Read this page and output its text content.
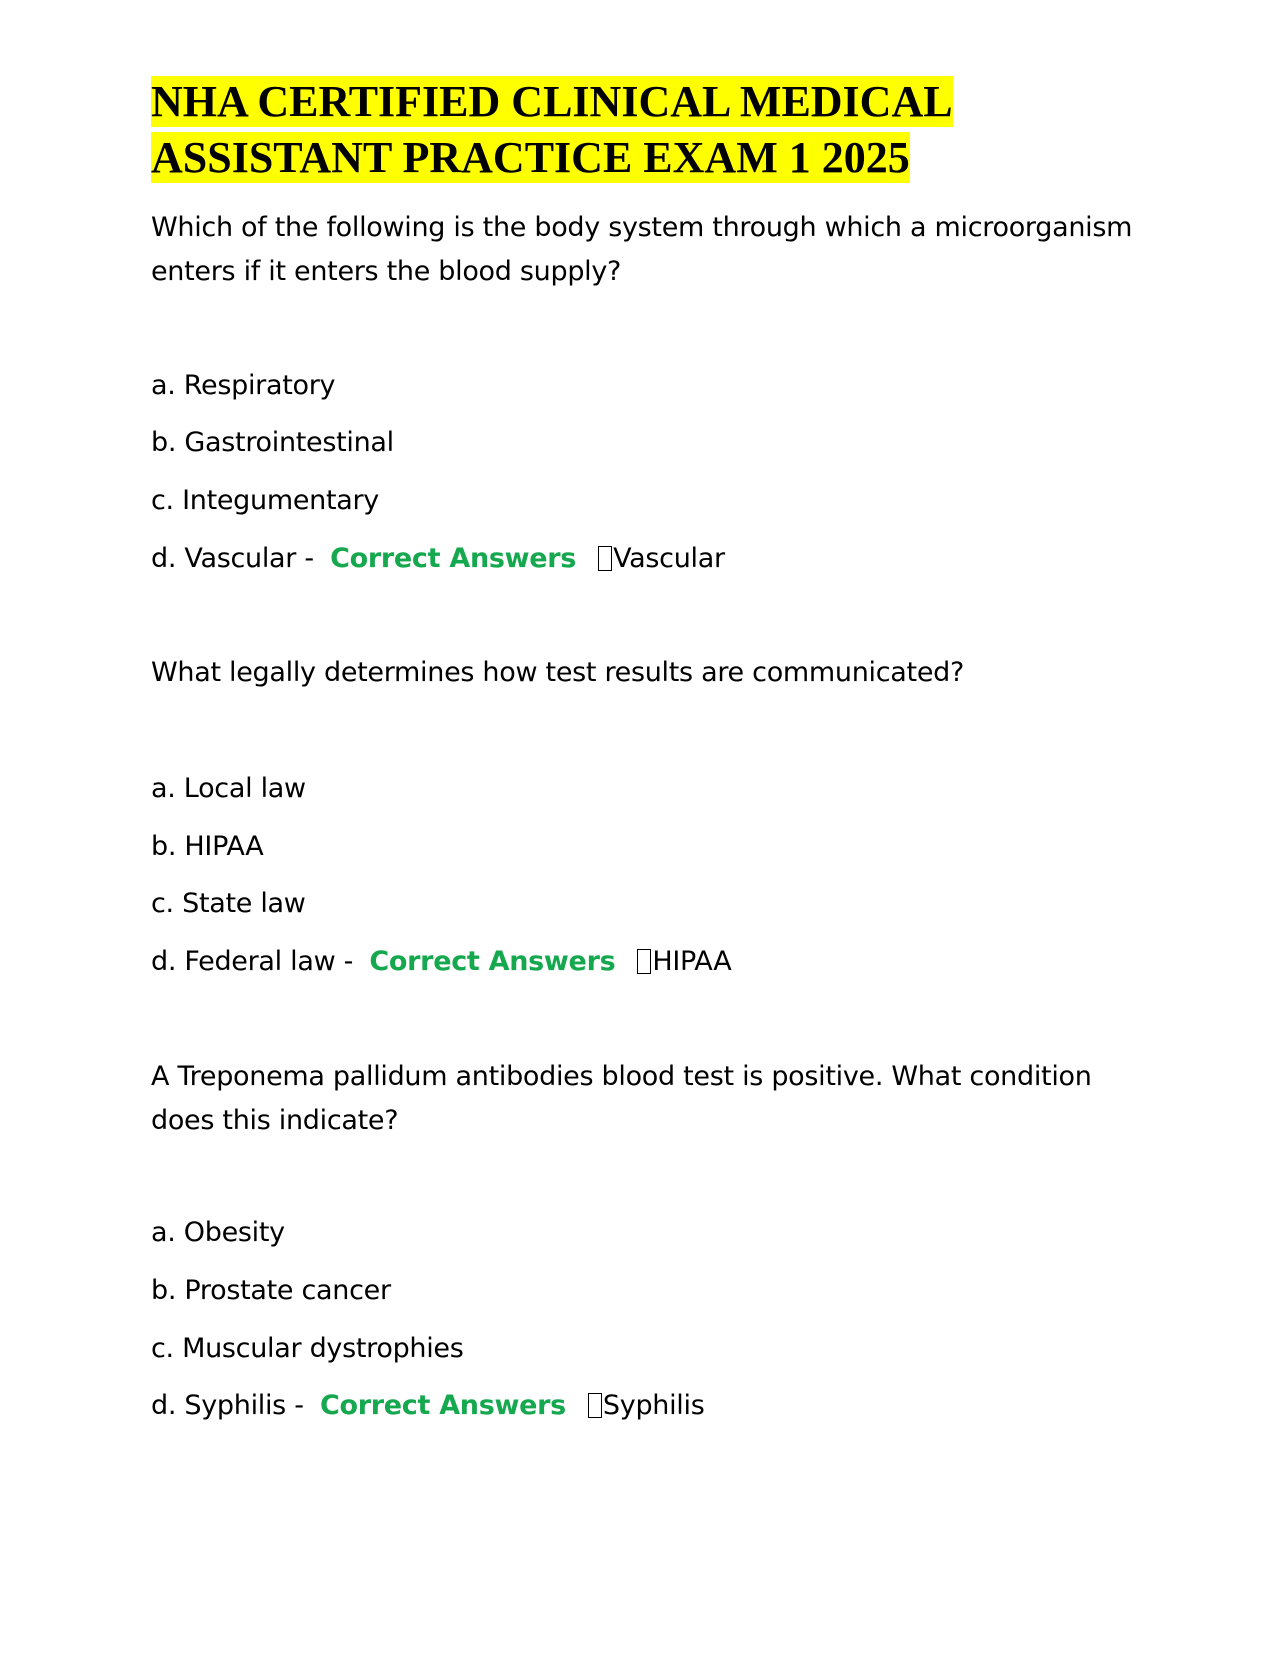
NHA CERTIFIED CLINICAL MEDICAL ASSISTANT PRACTICE EXAM 1 2025
Which of the following is the body system through which a microorganism enters if it enters the blood supply?
a. Respiratory
b. Gastrointestinal
c. Integumentary
d. Vascular - Correct Answers Vascular
What legally determines how test results are communicated?
a. Local law
b. HIPAA
c. State law
d. Federal law - Correct Answers HIPAA
A Treponema pallidum antibodies blood test is positive. What condition does this indicate?
a. Obesity
b. Prostate cancer
c. Muscular dystrophies
d. Syphilis - Correct Answers Syphilis
